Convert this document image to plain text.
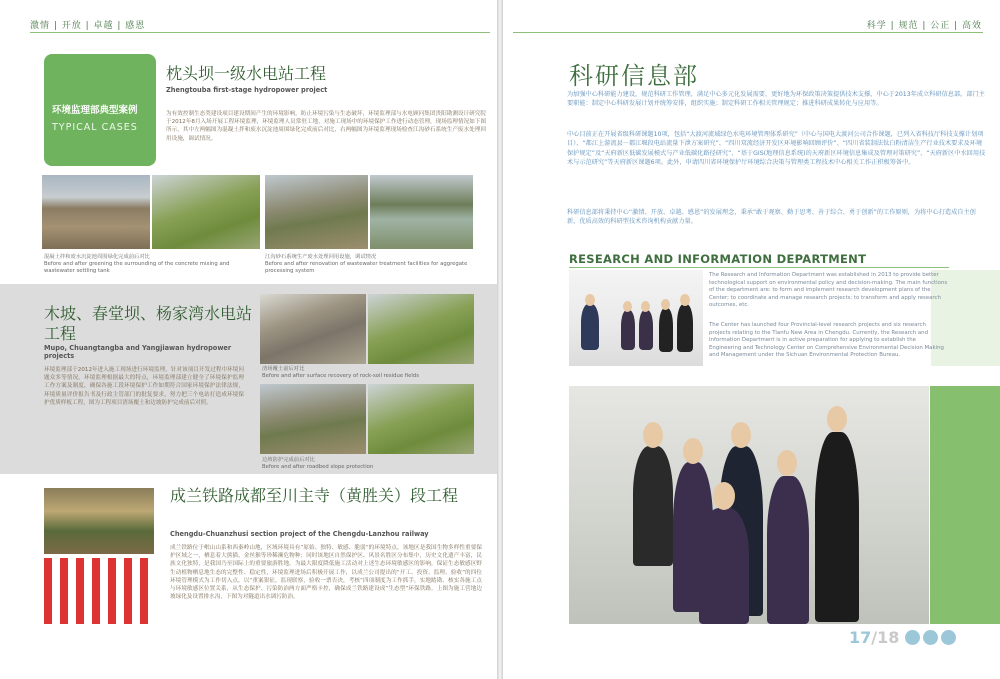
激情 | 开放 | 卓越 | 感恩
环境监理部典型案例
TYPICAL CASES
枕头坝一级水电站工程
Zhengtouba first-stage hydropower project
为有效控制生态类建设项目建设期间产生的环境影响，防止环境污染与生态破坏，环境监理部与水电顾问集团贵阳勘测设计研究院于2012年8月入场开展工程环境监理，环境监理人员常驻工地，对施工现场中的环境保护工作进行动态管理，现场监理情况如下图所示，其中左两幅图为混凝土拌和废水沉淀池周围绿化完成前后对比，右两幅图为环境监理现场检查江沟砂石系统生产废水处理回用设施，调试情况。
混凝土拌和废水沉淀池周围绿化完成前后对比
Before and after greening the surrounding of the concrete mixing and wastewater settling tank
江沟砂石系统生产废水处理回用设施，调试情况
Before and after renovation of wastewater treatment facilities for aggregate processing system
木坡、春堂坝、杨家湾水电站工程
Mupo, Chuangtangba and Yangjiawan hydropower projects
环境监理部于2012年进入施工现场进行环境监理，针对该项目开发过程中环境问题众多等情况，环境监理根据最大的特点，环境监理部建立健全了环境保护监理工作方案及制度，确保各施工段环境保护工作如期符合国家环境保护法律法规，环境质量评价报告书及行政主管部门的批复要求，努力把三个电站打造成环境保护优质样板工程，图为工程项目渣场覆土和边坡防护完成前后对照。
渣场覆土前后对比
Before and after surface recovery of rock-soil residue fields
边坡防护完成前后对比
Before and after roadbed slope protection
成兰铁路成都至川主寺（黄胜关）段工程
Chengdu-Chuanzhusi section project of the Chengdu-Lanzhou railway
成兰铁路位于岷山山系和西秦岭山地，区域环境具有“原始、独特、敏感、脆弱”的环境特点，该地区是我国生物多样性重要保护区域之一，栖息着大熊猫、金丝猴等珍稀濒危物种；同时该地区自然保护区、风景名胜区分布集中，历史文化遗产丰富，民族文化独特，是我国乃至国际上的重要旅游胜地。为最大限度降低施工活动对上述生态环境敏感区的影响，保证生态敏感区野生动植物栖息地生态的完整性、稳定性，环境监理进场后积极开展工作，以成兰公司提出的“开工、投资、监理、验收”的四位环境管理模式为工作切入点，以“重案狠征，监现联察，验收一票否决，考核”四项制度为工作抓手，实地踏勘、核实各施工点与环境敏感区位置关系，从生态保护、污染防治两方面严格卡控，确保成兰铁路建设成“生态型”环保铁路。上图为施工营地边坡绿化及设置排水沟，下图为对隧道出水调污防治。
科学 | 规范 | 公正 | 高效
科研信息部
为加强中心科研能力建设，规范科研工作管理，满足中心多元化发展需要，更好地为环保政策决策提供技术支撑，中心于2013年成立科研信息部。部门主要职能：制定中心科研发展计划并统筹安排，组织实施；制定科研工作相关管理规定；推进科研成果转化与应用等。
中心目前正在开展省级科研课题10项，包括“大渡河流域绿色水电环境管理体系研究”（中心与国电大渡河公司合作课题，已列入省科技厅科技支撑计划项目）、“都江上游流县－都江堰段电站流量下泄方案研究”、“四川双流经济开发区环境影响回顾评价”、“四川省装制法钛白粉清洁生产行业技术要求及环境保护规定”及“天府新区低碳发展模式与产业低碳化路径研究”、“基于GIS(地理信息系统)的天府新区环境信息集成及管理对策研究”、“天府新区中水回用技术与示范研究”等天府新区课题6项。此外，申请四川省环境保护厅环境综合决策与管理类工程技术中心相关工作正积极筹备中。
科研信息部将秉持中心“激情、开放、卓越、感恩”的发展理念，秉承“敢于观察、勤于思考、善于综合、勇于创新”的工作原则，为将中心打造成自主创新，优质高效的科研型技术咨询机构贡献力量。
RESEARCH AND INFORMATION DEPARTMENT
The Research and Information Department was established in 2013 to provide better technological support on environmental policy and decision-making. The main functions of the department are: to form and implement research development plans of the Center; to coordinate and manage research projects; to transform and apply research outcomes, etc.
The Center has launched four Provincial-level research projects and six research projects relating to the Tianfu New Area in Chengdu. Currently, the Research and Information Department is in active preparation for applying to establish the Engineering and Technology Center on Comprehensive Environmental Decision Making and Management under the Sichuan Environmental Protection Bureau.
17/18
